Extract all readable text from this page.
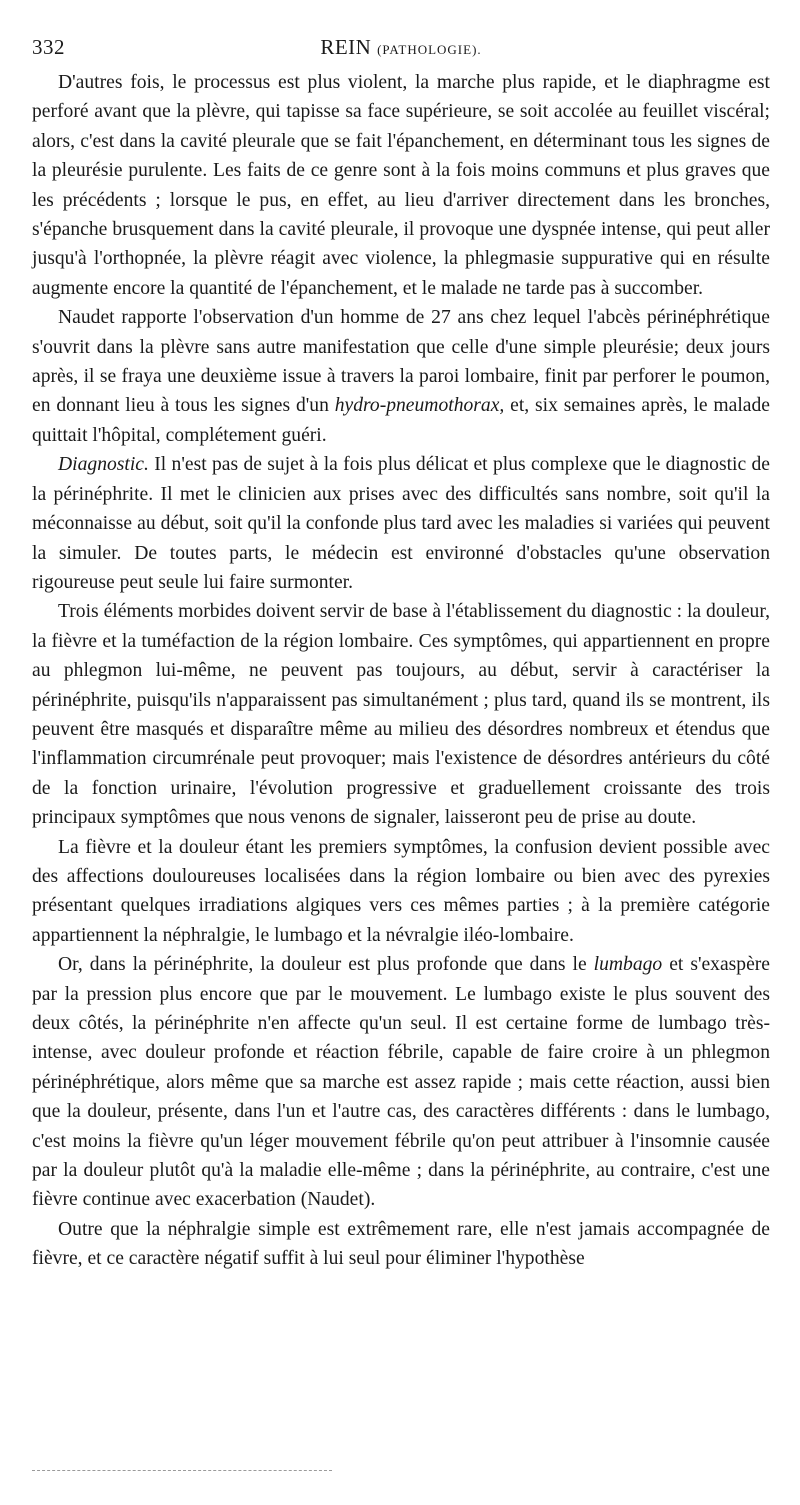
332	REIN (PATHOLOGIE).

D'autres fois, le processus est plus violent, la marche plus rapide, et le diaphragme est perforé avant que la plèvre, qui tapisse sa face supérieure, se soit accolée au feuillet viscéral; alors, c'est dans la cavité pleurale que se fait l'épanchement, en déterminant tous les signes de la pleurésie purulente. Les faits de ce genre sont à la fois moins communs et plus graves que les précédents ; lorsque le pus, en effet, au lieu d'arriver directement dans les bronches, s'épanche brusquement dans la cavité pleurale, il provoque une dyspnée intense, qui peut aller jusqu'à l'orthopnée, la plèvre réagit avec violence, la phlegmasie suppurative qui en résulte augmente encore la quantité de l'épanchement, et le malade ne tarde pas à succomber.

Naudet rapporte l'observation d'un homme de 27 ans chez lequel l'abcès périnéphrétique s'ouvrit dans la plèvre sans autre manifestation que celle d'une simple pleurésie; deux jours après, il se fraya une deuxième issue à travers la paroi lombaire, finit par perforer le poumon, en donnant lieu à tous les signes d'un hydro-pneumothorax, et, six semaines après, le malade quittait l'hôpital, complétement guéri.

Diagnostic. Il n'est pas de sujet à la fois plus délicat et plus complexe que le diagnostic de la périnéphrite. Il met le clinicien aux prises avec des difficultés sans nombre, soit qu'il la méconnaisse au début, soit qu'il la confonde plus tard avec les maladies si variées qui peuvent la simuler. De toutes parts, le médecin est environné d'obstacles qu'une observation rigoureuse peut seule lui faire surmonter.

Trois éléments morbides doivent servir de base à l'établissement du diagnostic : la douleur, la fièvre et la tuméfaction de la région lombaire. Ces symptômes, qui appartiennent en propre au phlegmon lui-même, ne peuvent pas toujours, au début, servir à caractériser la périnéphrite, puisqu'ils n'apparaissent pas simultanément ; plus tard, quand ils se montrent, ils peuvent être masqués et disparaître même au milieu des désordres nombreux et étendus que l'inflammation circumrénale peut provoquer; mais l'existence de désordres antérieurs du côté de la fonction urinaire, l'évolution progressive et graduellement croissante des trois principaux symptômes que nous venons de signaler, laisseront peu de prise au doute.

La fièvre et la douleur étant les premiers symptômes, la confusion devient possible avec des affections douloureuses localisées dans la région lombaire ou bien avec des pyrexies présentant quelques irradiations algiques vers ces mêmes parties ; à la première catégorie appartiennent la néphralgie, le lumbago et la névralgie iléo-lombaire.

Or, dans la périnéphrite, la douleur est plus profonde que dans le lumbago et s'exaspère par la pression plus encore que par le mouvement. Le lumbago existe le plus souvent des deux côtés, la périnéphrite n'en affecte qu'un seul. Il est certaine forme de lumbago très-intense, avec douleur profonde et réaction fébrile, capable de faire croire à un phlegmon périnéphrétique, alors même que sa marche est assez rapide ; mais cette réaction, aussi bien que la douleur, présente, dans l'un et l'autre cas, des caractères différents : dans le lumbago, c'est moins la fièvre qu'un léger mouvement fébrile qu'on peut attribuer à l'insomnie causée par la douleur plutôt qu'à la maladie elle-même ; dans la périnéphrite, au contraire, c'est une fièvre continue avec exacerbation (Naudet).

Outre que la néphralgie simple est extrêmement rare, elle n'est jamais accompagnée de fièvre, et ce caractère négatif suffit à lui seul pour éliminer l'hypothèse
